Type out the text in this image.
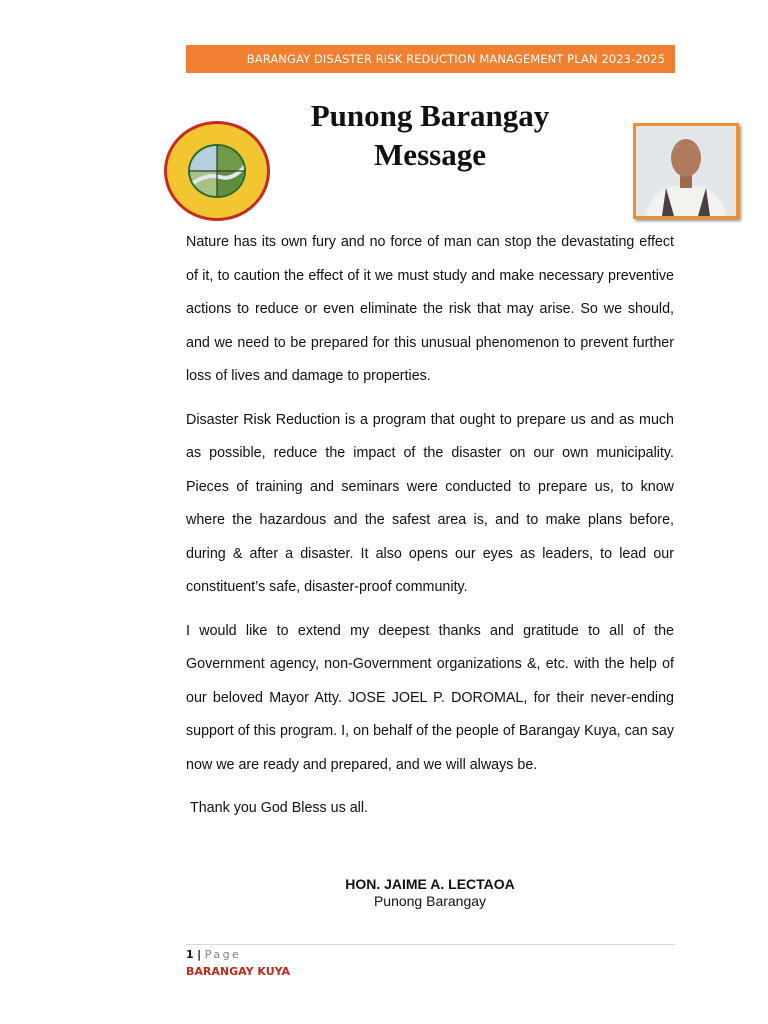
BARANGAY DISASTER RISK REDUCTION MANAGEMENT PLAN 2023-2025
Punong Barangay
Message

Nature has its own fury and no force of man can stop the devastating effect of it, to caution the effect of it we must study and make necessary preventive actions to reduce or even eliminate the risk that may arise. So we should, and we need to be prepared for this unusual phenomenon to prevent further loss of lives and damage to properties.

Disaster Risk Reduction is a program that ought to prepare us and as much as possible, reduce the impact of the disaster on our own municipality. Pieces of training and seminars were conducted to prepare us, to know where the hazardous and the safest area is, and to make plans before, during & after a disaster. It also opens our eyes as leaders, to lead our constituent’s safe, disaster-proof community.

I would like to extend my deepest thanks and gratitude to all of the Government agency, non-Government organizations &, etc. with the help of our beloved Mayor Atty. JOSE JOEL P. DOROMAL, for their never-ending support of this program. I, on behalf of the people of Barangay Kuya, can say now we are ready and prepared, and we will always be.

Thank you God Bless us all.

HON. JAIME A. LECTAOA
Punong Barangay
1 | Page
BARANGAY KUYA
